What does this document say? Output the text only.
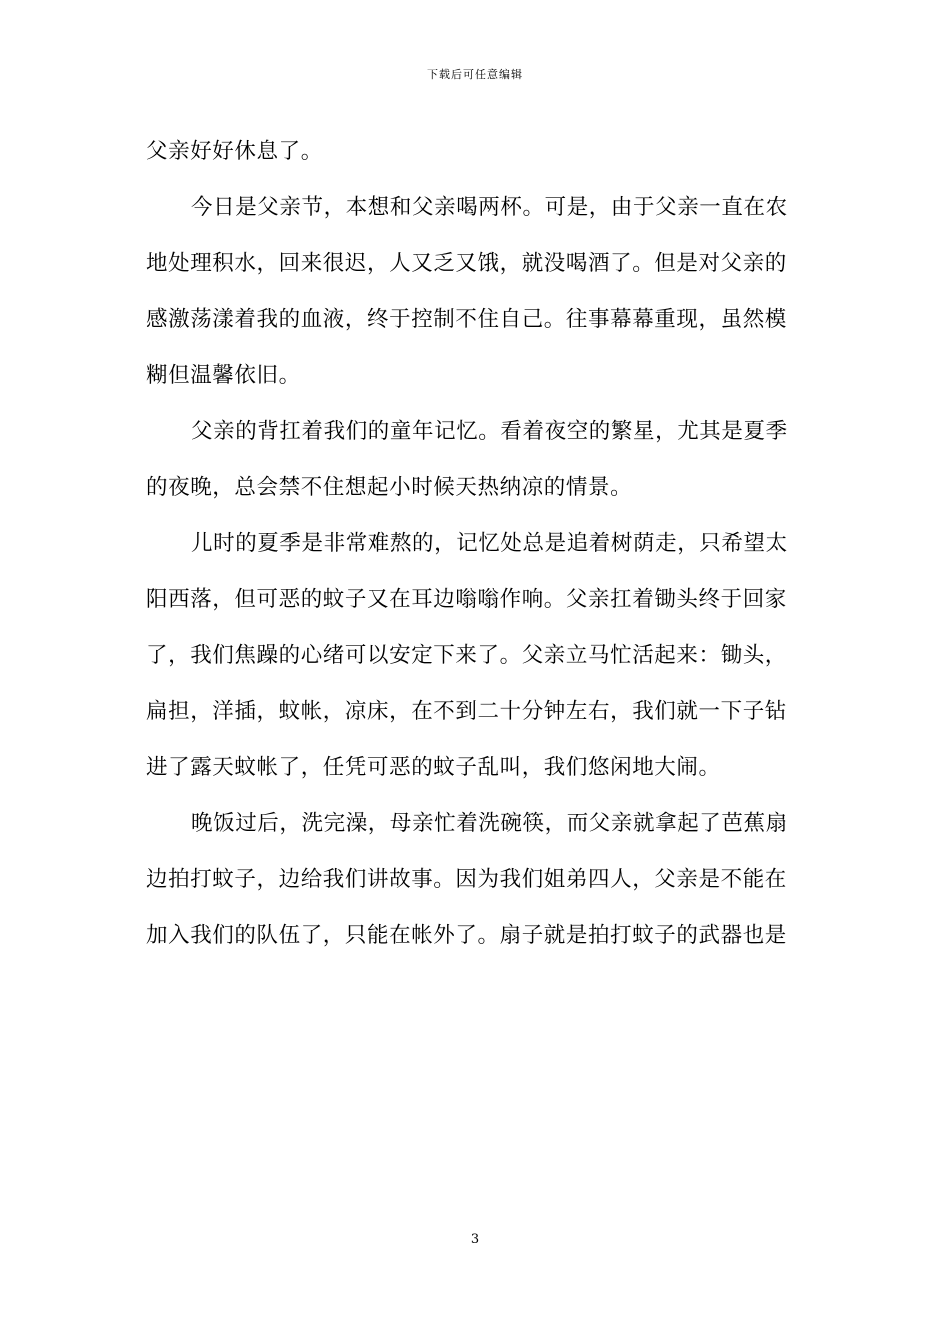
下载后可任意编辑

父亲好好休息了。

今日是父亲节，本想和父亲喝两杯。可是，由于父亲一直在农地处理积水，回来很迟，人又乏又饿，就没喝酒了。但是对父亲的感激荡漾着我的血液，终于控制不住自己。往事幕幕重现，虽然模糊但温馨依旧。

父亲的背扛着我们的童年记忆。看着夜空的繁星，尤其是夏季的夜晚，总会禁不住想起小时候天热纳凉的情景。

儿时的夏季是非常难熬的，记忆处总是追着树荫走，只希望太阳西落，但可恶的蚊子又在耳边嗡嗡作响。父亲扛着锄头终于回家了，我们焦躁的心绪可以安定下来了。父亲立马忙活起来：锄头，扁担，洋插，蚊帐，凉床，在不到二十分钟左右，我们就一下子钻进了露天蚊帐了，任凭可恶的蚊子乱叫，我们悠闲地大闹。

晚饭过后，洗完澡，母亲忙着洗碗筷，而父亲就拿起了芭蕉扇边拍打蚊子，边给我们讲故事。因为我们姐弟四人，父亲是不能在加入我们的队伍了，只能在帐外了。扇子就是拍打蚊子的武器也是

3
